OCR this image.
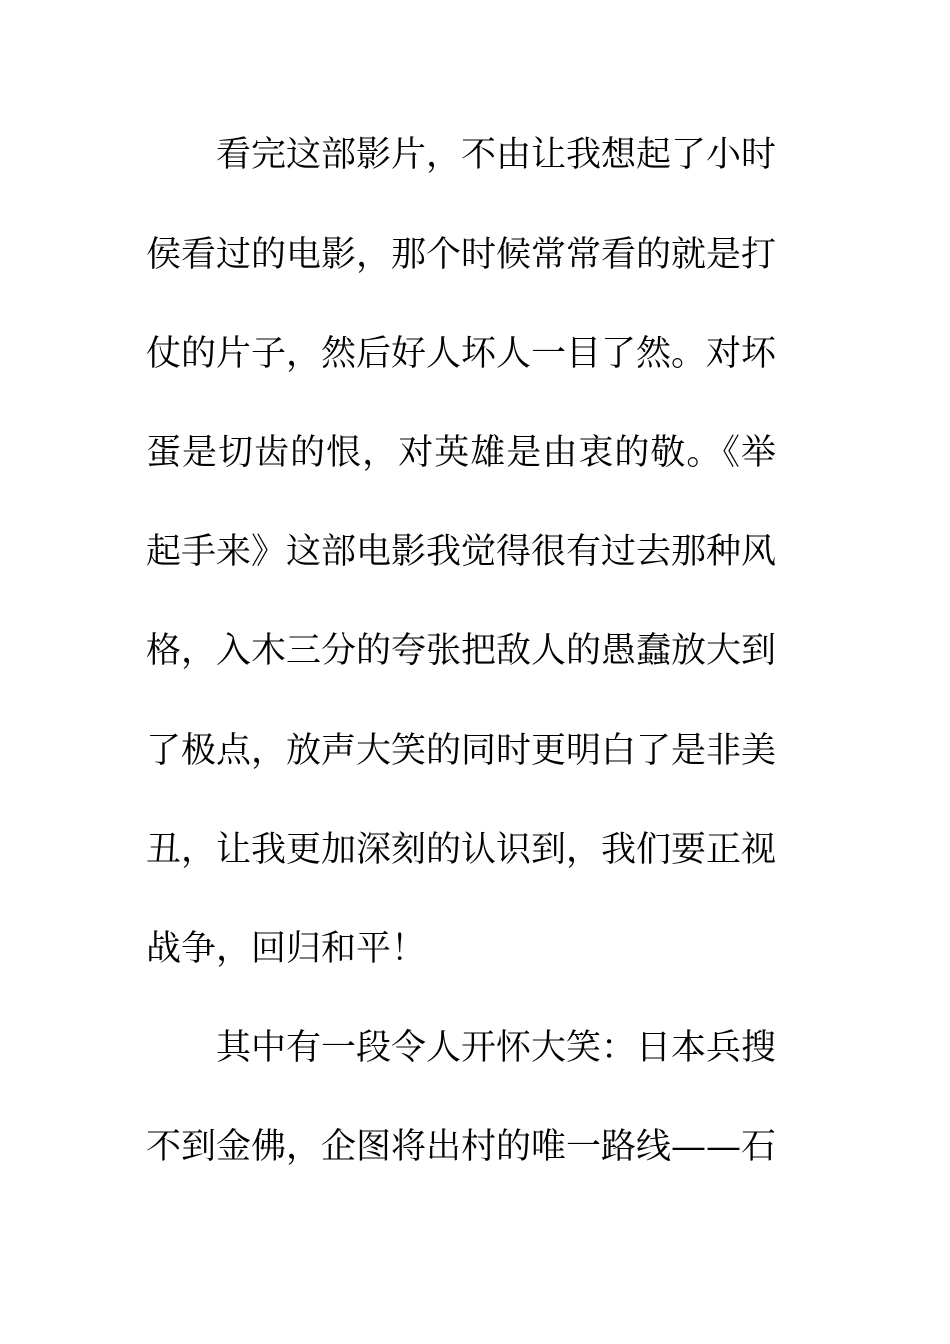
看完这部影片，不由让我想起了小时
侯看过的电影，那个时候常常看的就是打
仗的片子，然后好人坏人一目了然。对坏
蛋是切齿的恨，对英雄是由衷的敬。《举
起手来》这部电影我觉得很有过去那种风
格，入木三分的夸张把敌人的愚蠢放大到
了极点，放声大笑的同时更明白了是非美
丑，让我更加深刻的认识到，我们要正视
战争，回归和平！
其中有一段令人开怀大笑：日本兵搜
不到金佛，企图将出村的唯一路线——石
